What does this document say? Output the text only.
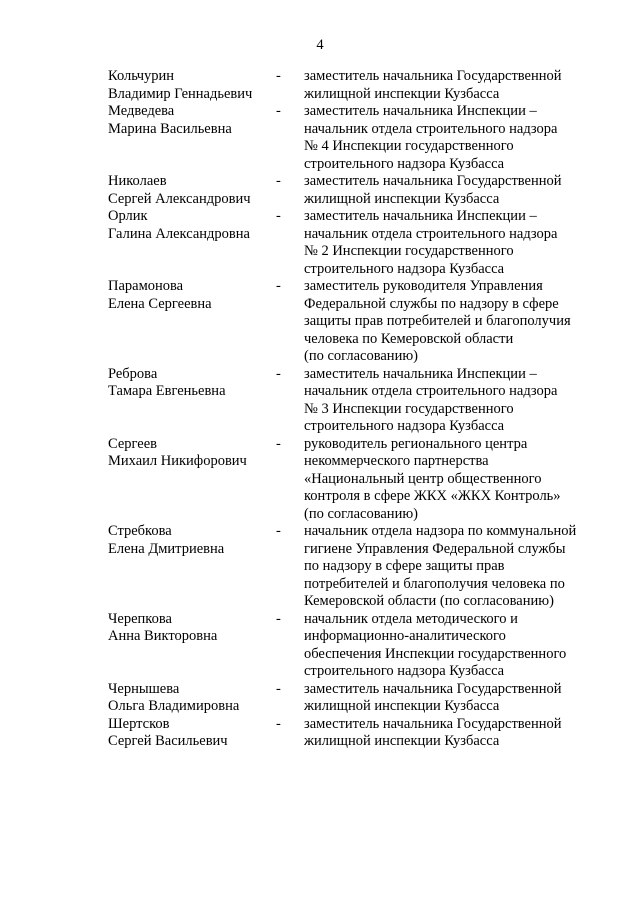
4
Кольчурин
Владимир Геннадьевич
-	заместитель начальника Государственной
жилищной инспекции Кузбасса
Медведева
Марина Васильевна
-	заместитель начальника Инспекции –
начальник отдела строительного надзора
№ 4 Инспекции государственного
строительного надзора Кузбасса
Николаев
Сергей Александрович
-	заместитель начальника Государственной
жилищной инспекции Кузбасса
Орлик
Галина Александровна
-	заместитель начальника Инспекции –
начальник отдела строительного надзора
№ 2 Инспекции государственного
строительного надзора Кузбасса
Парамонова
Елена Сергеевна
-	заместитель руководителя Управления
Федеральной службы по надзору в сфере
защиты прав потребителей и благополучия
человека по Кемеровской области
(по согласованию)
Реброва
Тамара Евгеньевна
-	заместитель начальника Инспекции –
начальник отдела строительного надзора
№ 3 Инспекции государственного
строительного надзора Кузбасса
Сергеев
Михаил Никифорович
-	руководитель регионального центра
некоммерческого партнерства
«Национальный центр общественного
контроля в сфере ЖКХ «ЖКХ Контроль»
(по согласованию)
Стребкова
Елена Дмитриевна
-	начальник отдела надзора по коммунальной
гигиене Управления Федеральной службы
по надзору в сфере защиты прав
потребителей и благополучия человека по
Кемеровской области (по согласованию)
Черепкова
Анна Викторовна
-	начальник отдела методического и
информационно-аналитического
обеспечения Инспекции государственного
строительного надзора Кузбасса
Чернышева
Ольга Владимировна
-	заместитель начальника Государственной
жилищной инспекции Кузбасса
Шертсков
Сергей Васильевич
-	заместитель начальника Государственной
жилищной инспекции Кузбасса
